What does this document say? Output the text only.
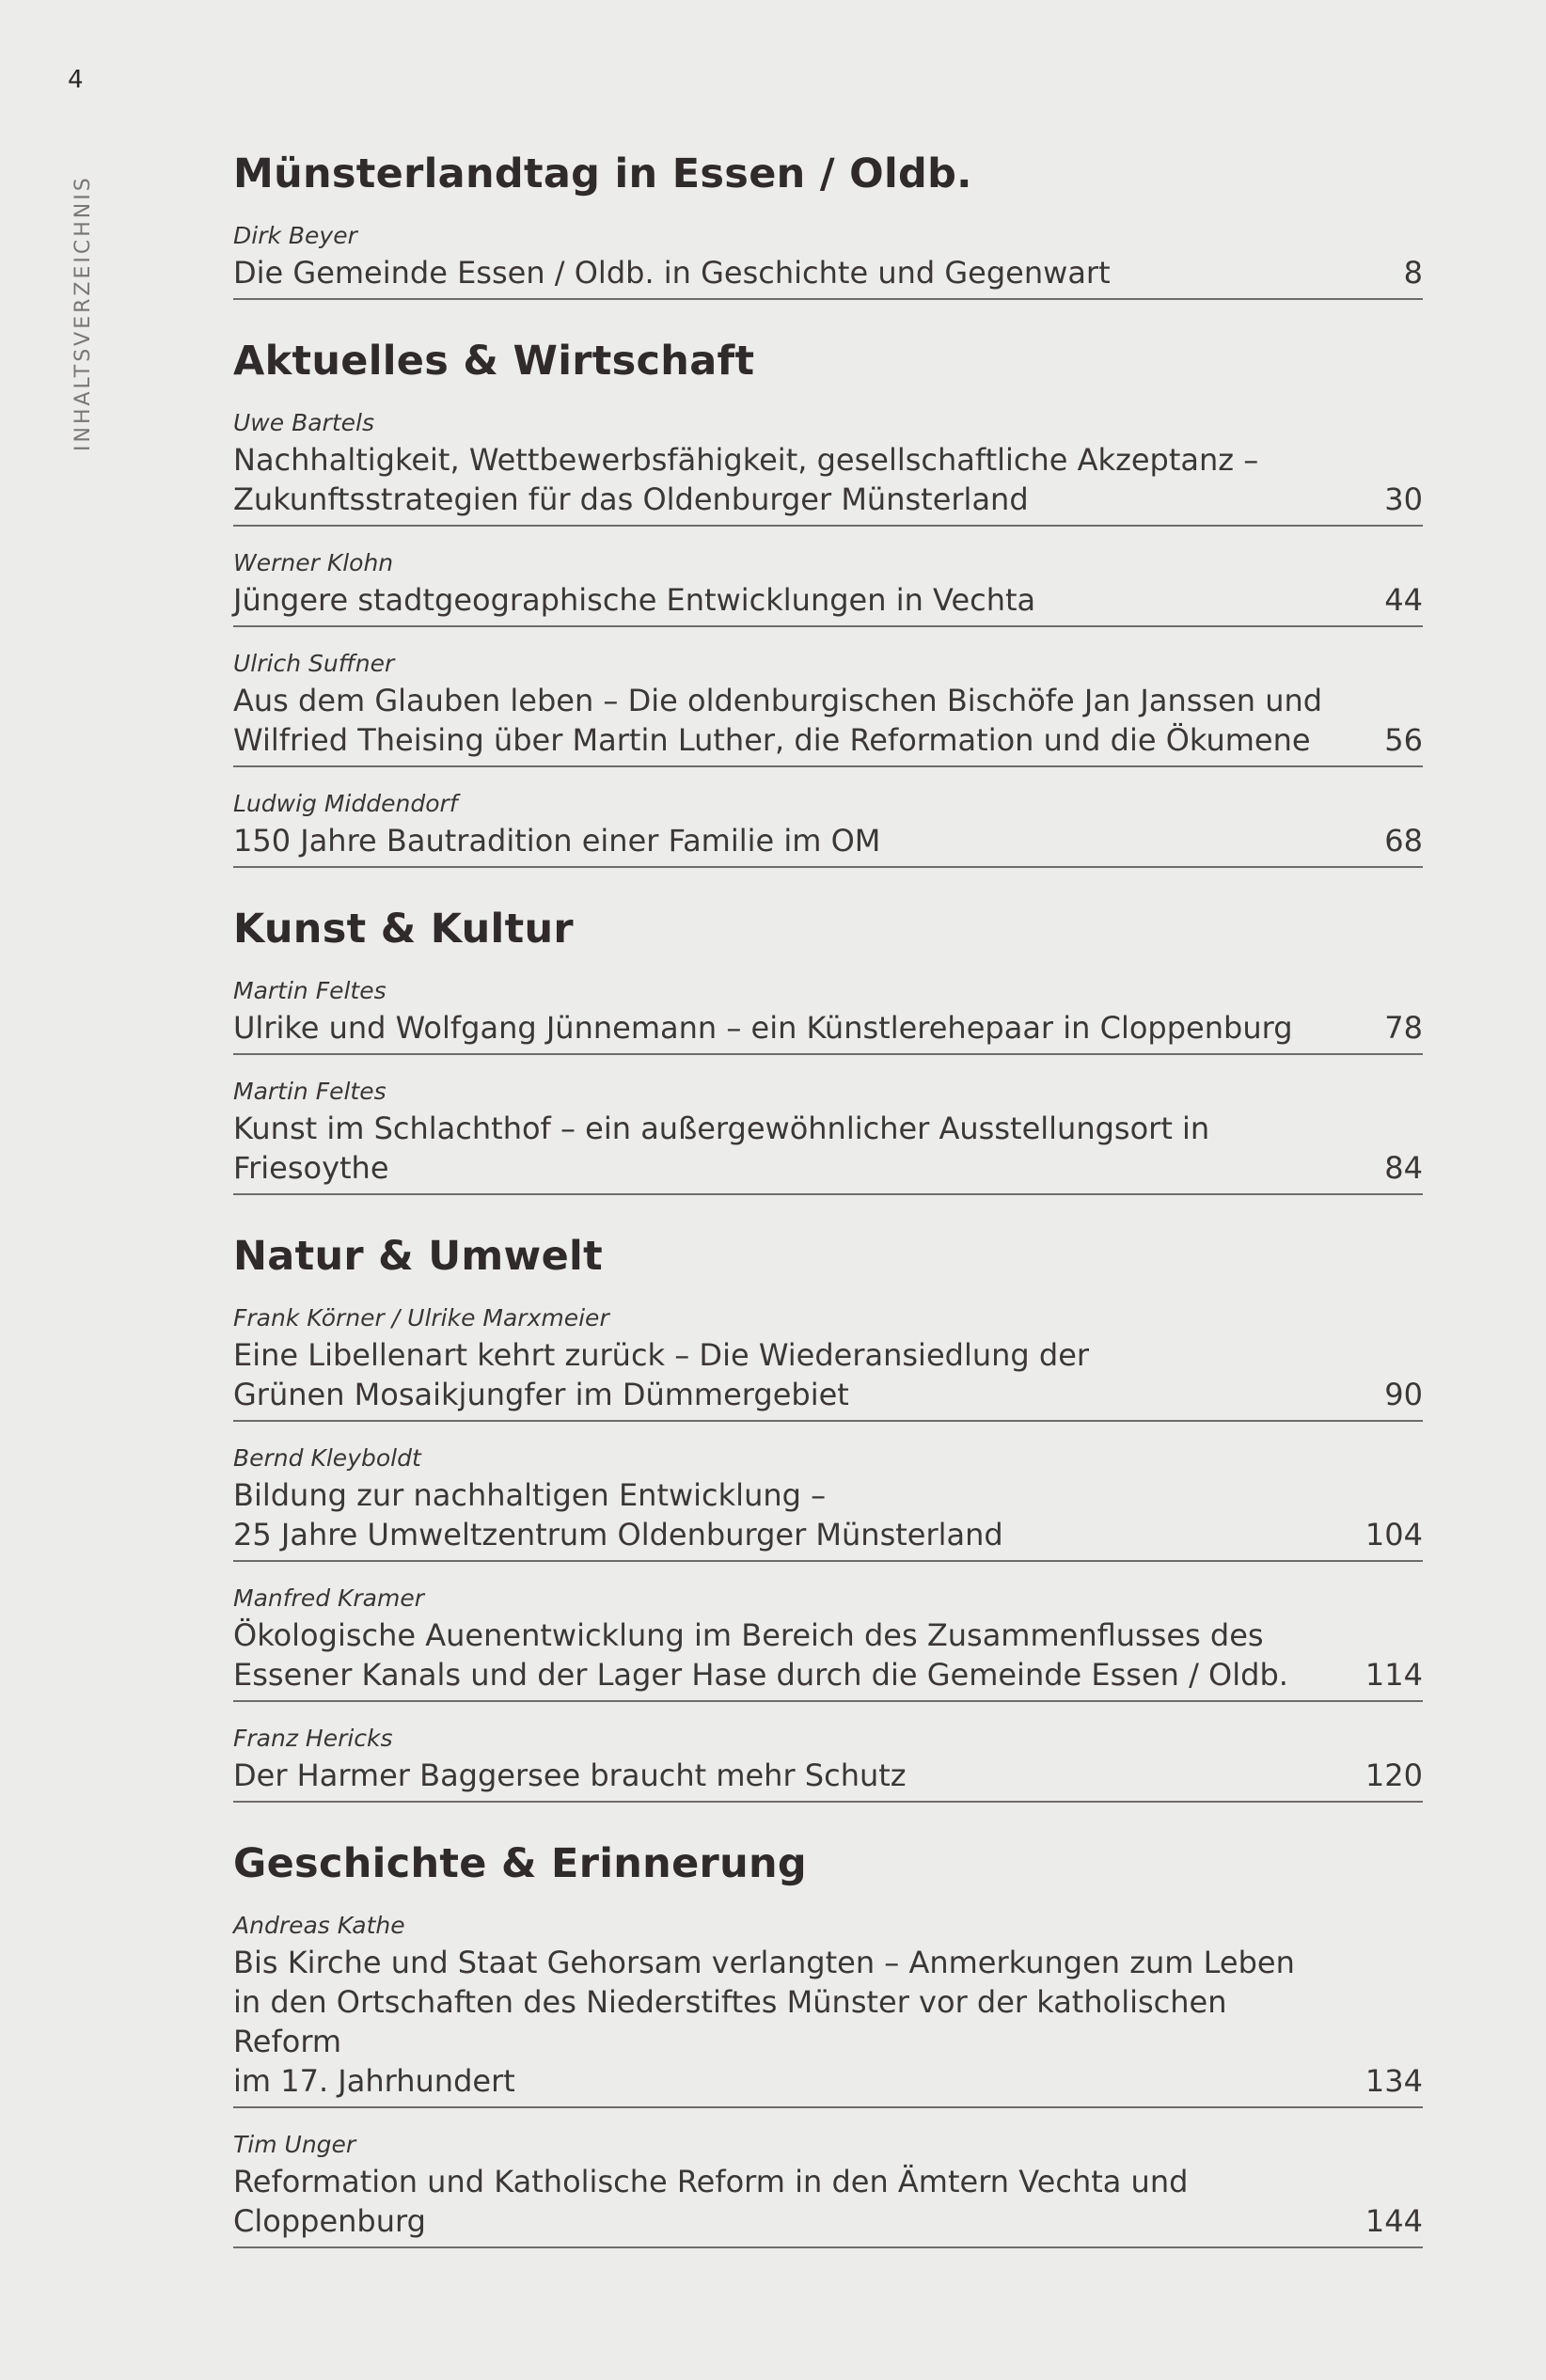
4
INHALTSVERZEICHNIS
Münsterlandtag in Essen / Oldb.
Dirk Beyer
Die Gemeinde Essen / Oldb. in Geschichte und Gegenwart	8
Aktuelles & Wirtschaft
Uwe Bartels
Nachhaltigkeit, Wettbewerbsfähigkeit, gesellschaftliche Akzeptanz –
Zukunftsstrategien für das Oldenburger Münsterland	30
Werner Klohn
Jüngere stadtgeographische Entwicklungen in Vechta	44
Ulrich Suffner
Aus dem Glauben leben – Die oldenburgischen Bischöfe Jan Janssen und
Wilfried Theising über Martin Luther, die Reformation und die Ökumene	56
Ludwig Middendorf
150 Jahre Bautradition einer Familie im OM	68
Kunst & Kultur
Martin Feltes
Ulrike und Wolfgang Jünnemann – ein Künstlerehepaar in Cloppenburg	78
Martin Feltes
Kunst im Schlachthof – ein außergewöhnlicher Ausstellungsort in Friesoythe	84
Natur & Umwelt
Frank Körner / Ulrike Marxmeier
Eine Libellenart kehrt zurück – Die Wiederansiedlung der
Grünen Mosaikjungfer im Dümmergebiet	90
Bernd Kleyboldt
Bildung zur nachhaltigen Entwicklung –
25 Jahre Umweltzentrum Oldenburger Münsterland	104
Manfred Kramer
Ökologische Auenentwicklung im Bereich des Zusammenflusses des
Essener Kanals und der Lager Hase durch die Gemeinde Essen / Oldb.	114
Franz Hericks
Der Harmer Baggersee braucht mehr Schutz	120
Geschichte & Erinnerung
Andreas Kathe
Bis Kirche und Staat Gehorsam verlangten – Anmerkungen zum Leben
in den Ortschaften des Niederstiftes Münster vor der katholischen Reform
im 17. Jahrhundert	134
Tim Unger
Reformation und Katholische Reform in den Ämtern Vechta und Cloppenburg	144
